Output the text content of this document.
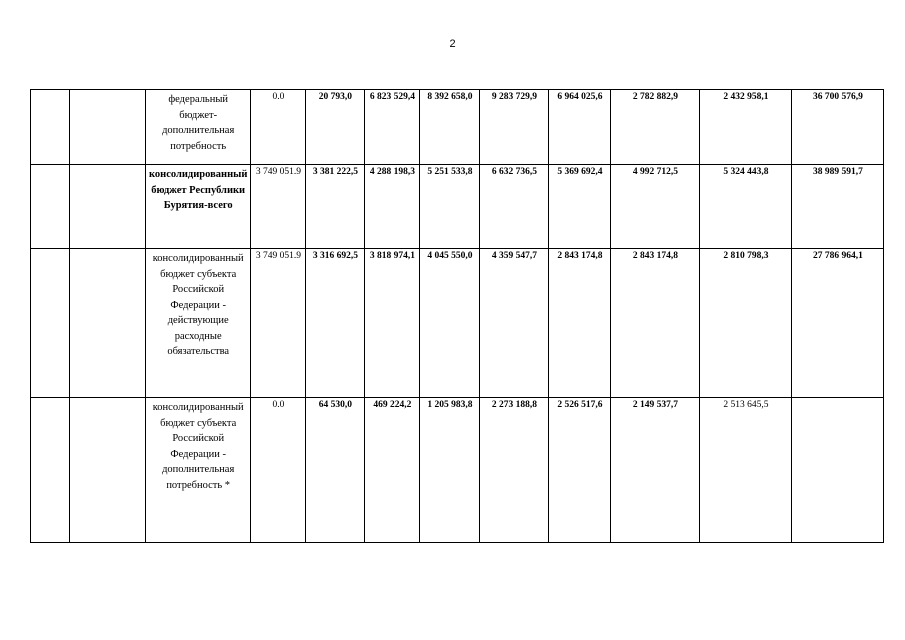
2
		федеральный бюджет-дополнительная потребность	0.0	20 793,0	6 823 529,4	8 392 658,0	9 283 729,9	6 964 025,6	2 782 882,9	2 432 958,1	36 700 576,9
		консолидированный бюджет Республики Бурятия-всего	3 749 051.9	3 381 222,5	4 288 198,3	5 251 533,8	6 632 736,5	5 369 692,4	4 992 712,5	5 324 443,8	38 989 591,7
		консолидированный бюджет субъекта Российской Федерации - действующие расходные обязательства	3 749 051.9	3 316 692,5	3 818 974,1	4 045 550,0	4 359 547,7	2 843 174,8	2 843 174,8	2 810 798,3	27 786 964,1
		консолидированный бюджет субъекта Российской Федерации - дополнительная потребность *	0.0	64 530,0	469 224,2	1 205 983,8	2 273 188,8	2 526 517,6	2 149 537,7	2 513 645,5	
